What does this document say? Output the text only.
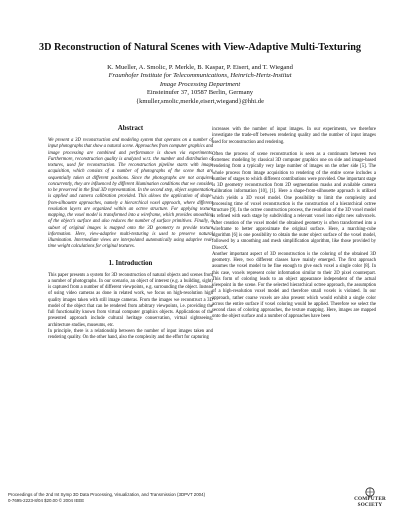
3D Reconstruction of Natural Scenes with View-Adaptive Multi-Texturing

K. Mueller, A. Smolic, P. Merkle, B. Kaspar, P. Eisert, and T. Wiegand

Fraunhofer Institute for Telecommunications, Heinrich-Hertz-Institut

Image Processing Department

Einsteinufer 37, 10587 Berlin, Germany

{kmuller,smolic,merkle,eisert,wiegand}@hhi.de

Abstract

We present a 3D reconstruction and modeling system that operates on a number of input photographs that show a natural scene. Approaches from computer graphics and image processing are combined and performance is shown via experiments. Furthermore, reconstruction quality is analyzed w.r.t. the number and distribution of textures, used for reconstruction. The reconstruction pipeline starts with image acquisition, which consists of a number of photographs of the scene that are sequentially taken at different positions. Since the photographs are not acquired concurrently, they are influenced by different illumination conditions that we consider to be preserved in the final 3D representation. In the second step, object segmentation is applied and camera calibration provided. This allows the application of shape-from-silhouette approaches, namely a hierarchical voxel approach, where different resolution layers are organized within an octree structure. For applying texture mapping, the voxel model is transformed into a wireframe, which provides smoothing of the object's surface and also reduces the number of surface primitives. Finally, a subset of original images is mapped onto the 3D geometry to provide texture information. Here, view-adaptive multi-texturing is used to preserve natural illumination. Intermediate views are interpolated automatically using adaptive real-time weight calculations for original textures.

1. Introduction

This paper presents a system for 3D reconstruction of natural objects and scenes from a number of photographs. In our scenario, an object of interest (e.g. a building, sight) is captured from a number of different viewpoints, e.g. surrounding the object. Instead of using video cameras as done in related work, we focus on high-resolution high quality images taken with still image cameras. From the images we reconstruct a 3D model of the object that can be rendered from arbitrary viewpoints, i.e. providing the full functionality known from virtual computer graphics objects. Applications of the presented approach include cultural heritage conservation, virtual sightseeing, architecture studies, museums, etc.

In principle, there is a relationship between the number of input images taken and rendering quality. On the other hand, also the complexity and the effort for capturing

increases with the number of input images. In our experiments, we therefore investigate the trade-off between rendering quality and the number of input images used for reconstruction and rendering.

Often the process of scene reconstruction is seen as a continuum between two extremes: modeling by classical 3D computer graphics one on side and image-based rendering from a typically very large number of images on the other side [5]. The whole process from image acquisition to rendering of the entire scene includes a number of stages to which different contributions were provided. One important stage is 3D geometry reconstruction from 2D segmentation masks and available camera calibration information [10], [1]. Here a shape-from-silhouette approach is utilized which yields a 3D voxel model. One possibility to limit the complexity and processing time of voxel reconstruction is the construction of a hierarchical octree structure [9]. In the octree construction process, the resolution of the 3D voxel model is refined with each stage by subdividing a relevant voxel into eight new subvoxels. After creation of the voxel model the obtained geometry is often transformed into a wireframe to better approximate the original surface. Here, a marching-cube algorithm [6] is one possibility to obtain the outer object surface of the voxel model, followed by a smoothing and mesh simplification algorithm, like those provided by DirectX.

Another important aspect of 3D reconstruction is the coloring of the obtained 3D geometry. Here, two different classes have mainly emerged. The first approach assumes the voxel model to be fine enough to give each voxel a single color [8]. In this case, voxels represent color information similar to their 2D pixel counterpart. This form of coloring leads to an object appearance independent of the actual viewpoint in the scene. For the selected hierarchical octree approach, the assumption of a high-resolution voxel model and therefore small voxels is violated. In our approach, rather coarse voxels are also present which would exhibit a single color across the entire surface if voxel coloring would be applied. Therefore we select the second class of coloring approaches, the texture mapping. Here, images are mapped onto the object surface and a number of approaches have been

Proceedings of the 2nd Int Symp 3D Data Processing, Visualization, and Transmission (3DPVT 2004)
0-7695-2223-8/04 $20.00 © 2004 IEEE	COMPUTER
SOCIETY
